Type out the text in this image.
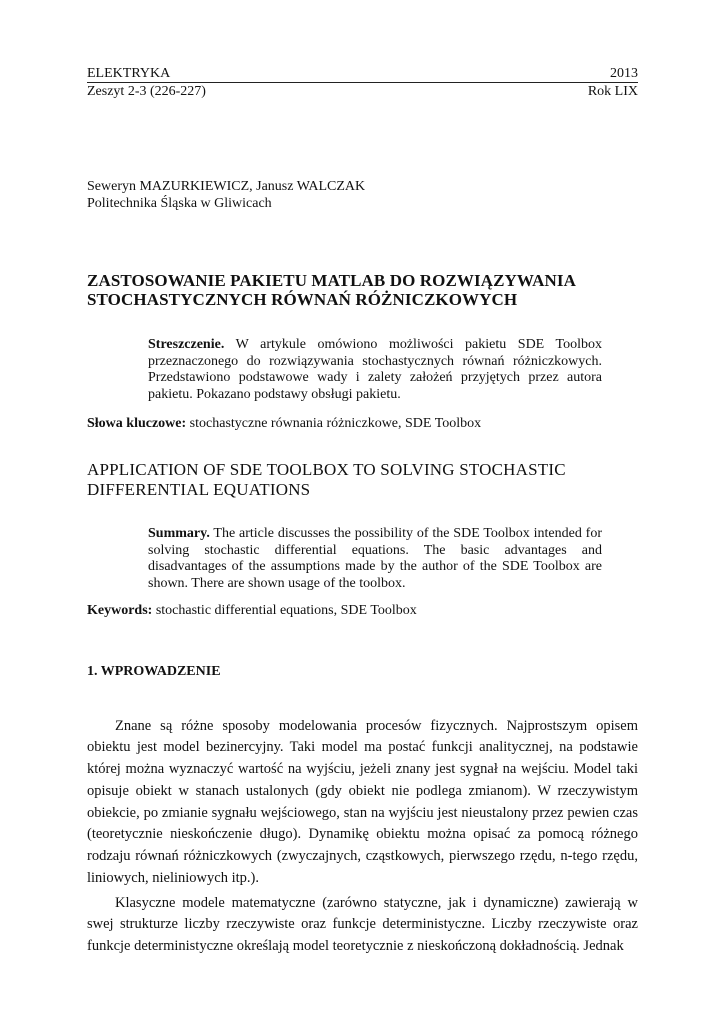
ELEKTRYKA	2013
Zeszyt 2-3 (226-227)	Rok LIX
Seweryn MAZURKIEWICZ, Janusz WALCZAK
Politechnika Śląska w Gliwicach
ZASTOSOWANIE PAKIETU MATLAB DO ROZWIĄZYWANIA
STOCHASTYCZNYCH RÓWNAŃ RÓŻNICZKOWYCH
Streszczenie. W artykule omówiono możliwości pakietu SDE Toolbox przeznaczonego do rozwiązywania stochastycznych równań różniczkowych. Przedstawiono podstawowe wady i zalety założeń przyjętych przez autora pakietu. Pokazano podstawy obsługi pakietu.
Słowa kluczowe: stochastyczne równania różniczkowe, SDE Toolbox
APPLICATION OF SDE TOOLBOX TO SOLVING STOCHASTIC
DIFFERENTIAL EQUATIONS
Summary. The article discusses the possibility of the SDE Toolbox intended for solving stochastic differential equations. The basic advantages and disadvantages of the assumptions made by the author of the SDE Toolbox are shown. There are shown usage of the toolbox.
Keywords: stochastic differential equations, SDE Toolbox
1. WPROWADZENIE

Znane są różne sposoby modelowania procesów fizycznych. Najprostszym opisem obiektu jest model bezinercyjny. Taki model ma postać funkcji analitycznej, na podstawie której można wyznaczyć wartość na wyjściu, jeżeli znany jest sygnał na wejściu. Model taki opisuje obiekt w stanach ustalonych (gdy obiekt nie podlega zmianom). W rzeczywistym obiekcie, po zmianie sygnału wejściowego, stan na wyjściu jest nieustalony przez pewien czas (teoretycznie nieskończenie długo). Dynamikę obiektu można opisać za pomocą różnego rodzaju równań różniczkowych (zwyczajnych, cząstkowych, pierwszego rzędu, n-tego rzędu, liniowych, nieliniowych itp.).

Klasyczne modele matematyczne (zarówno statyczne, jak i dynamiczne) zawierają w swej strukturze liczby rzeczywiste oraz funkcje deterministyczne. Liczby rzeczywiste oraz funkcje deterministyczne określają model teoretycznie z nieskończoną dokładnością. Jednak
